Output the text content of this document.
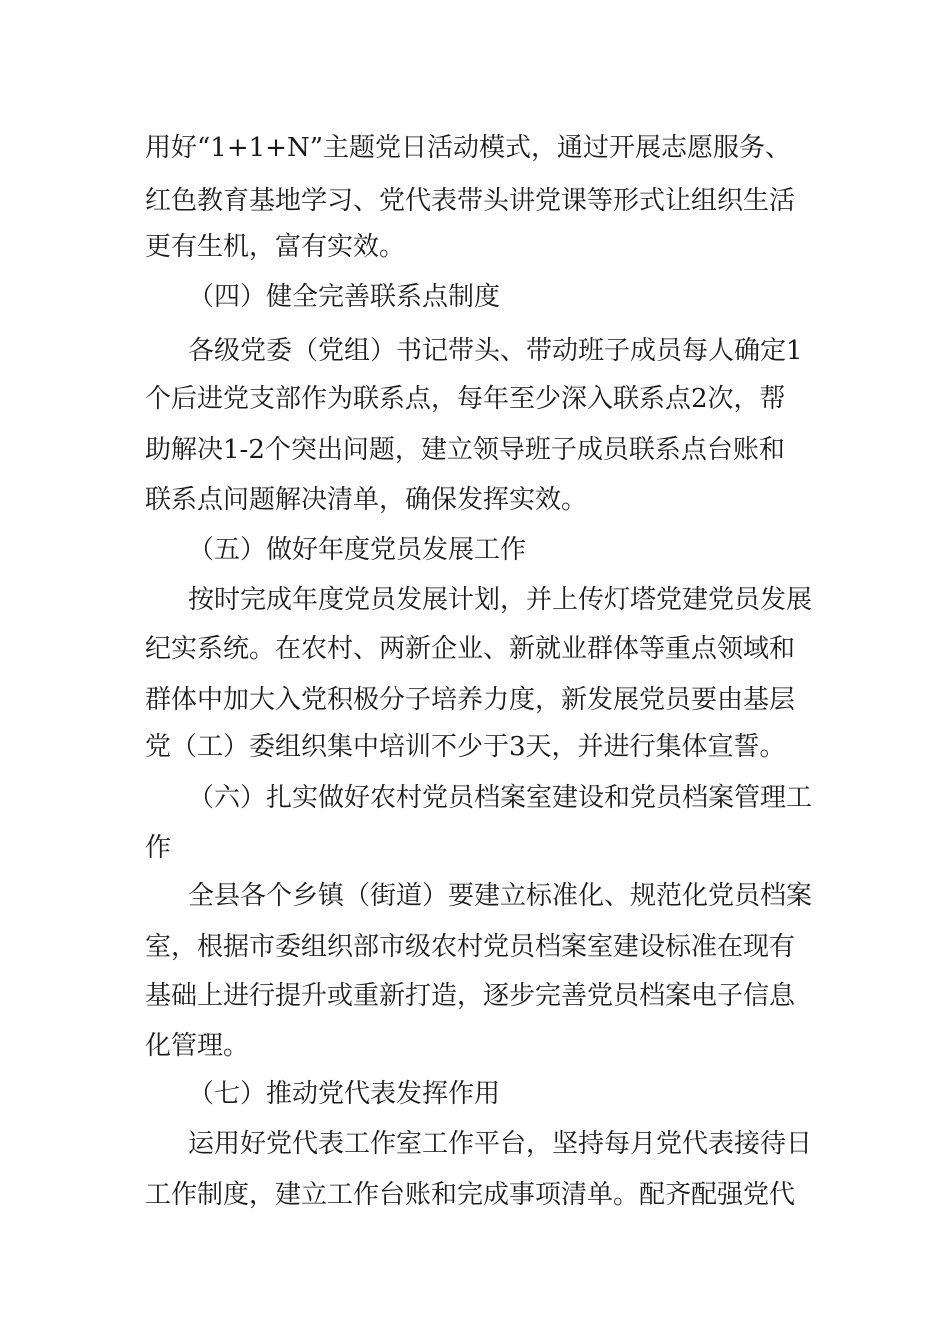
用好“1+1+N”主题党日活动模式，通过开展志愿服务、
红色教育基地学习、党代表带头讲党课等形式让组织生活
更有生机，富有实效。
（四）健全完善联系点制度
各级党委（党组）书记带头、带动班子成员每人确定1
个后进党支部作为联系点，每年至少深入联系点2次，帮
助解决1-2个突出问题，建立领导班子成员联系点台账和
联系点问题解决清单，确保发挥实效。
（五）做好年度党员发展工作
按时完成年度党员发展计划，并上传灯塔党建党员发展
纪实系统。在农村、两新企业、新就业群体等重点领域和
群体中加大入党积极分子培养力度，新发展党员要由基层
党（工）委组织集中培训不少于3天，并进行集体宣誓。
（六）扎实做好农村党员档案室建设和党员档案管理工
作
全县各个乡镇（街道）要建立标准化、规范化党员档案
室，根据市委组织部市级农村党员档案室建设标准在现有
基础上进行提升或重新打造，逐步完善党员档案电子信息
化管理。
（七）推动党代表发挥作用
运用好党代表工作室工作平台，坚持每月党代表接待日
工作制度，建立工作台账和完成事项清单。配齐配强党代
